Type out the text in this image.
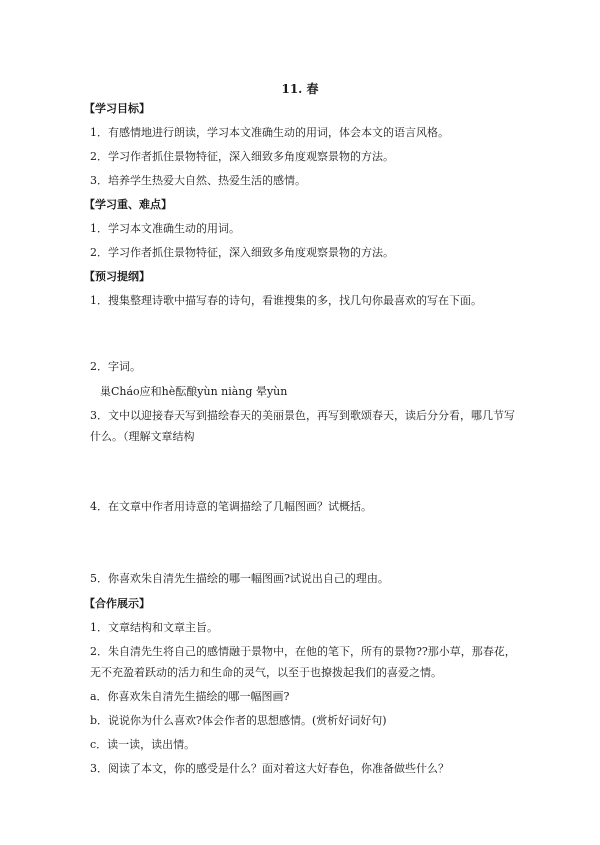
11. 春
【学习目标】
1．有感情地进行朗读，学习本文准确生动的用词，体会本文的语言风格。
2．学习作者抓住景物特征，深入细致多角度观察景物的方法。
3．培养学生热爱大自然、热爱生活的感情。
【学习重、难点】
1．学习本文准确生动的用词。
2．学习作者抓住景物特征，深入细致多角度观察景物的方法。
【预习提纲】
1．搜集整理诗歌中描写春的诗句，看谁搜集的多，找几句你最喜欢的写在下面。
2．字词。
巢Cháo应和hè酝酿yùn niàng 晕yùn
3．文中以迎接春天写到描绘春天的美丽景色，再写到歌颂春天，读后分分看，哪几节写什么。（理解文章结构
4．在文章中作者用诗意的笔调描绘了几幅图画？试概括。
5．你喜欢朱自清先生描绘的哪一幅图画?试说出自己的理由。
【合作展示】
1．文章结构和文章主旨。
2．朱自清先生将自己的感情融于景物中，在他的笔下，所有的景物??那小草，那春花，无不充盈着跃动的活力和生命的灵气，以至于也撩拨起我们的喜爱之情。
a．你喜欢朱自清先生描绘的哪一幅图画?
b．说说你为什么喜欢?体会作者的思想感情。(赏析好词好句)
c．读一读，读出情。
3．阅读了本文，你的感受是什么？面对着这大好春色，你准备做些什么？
